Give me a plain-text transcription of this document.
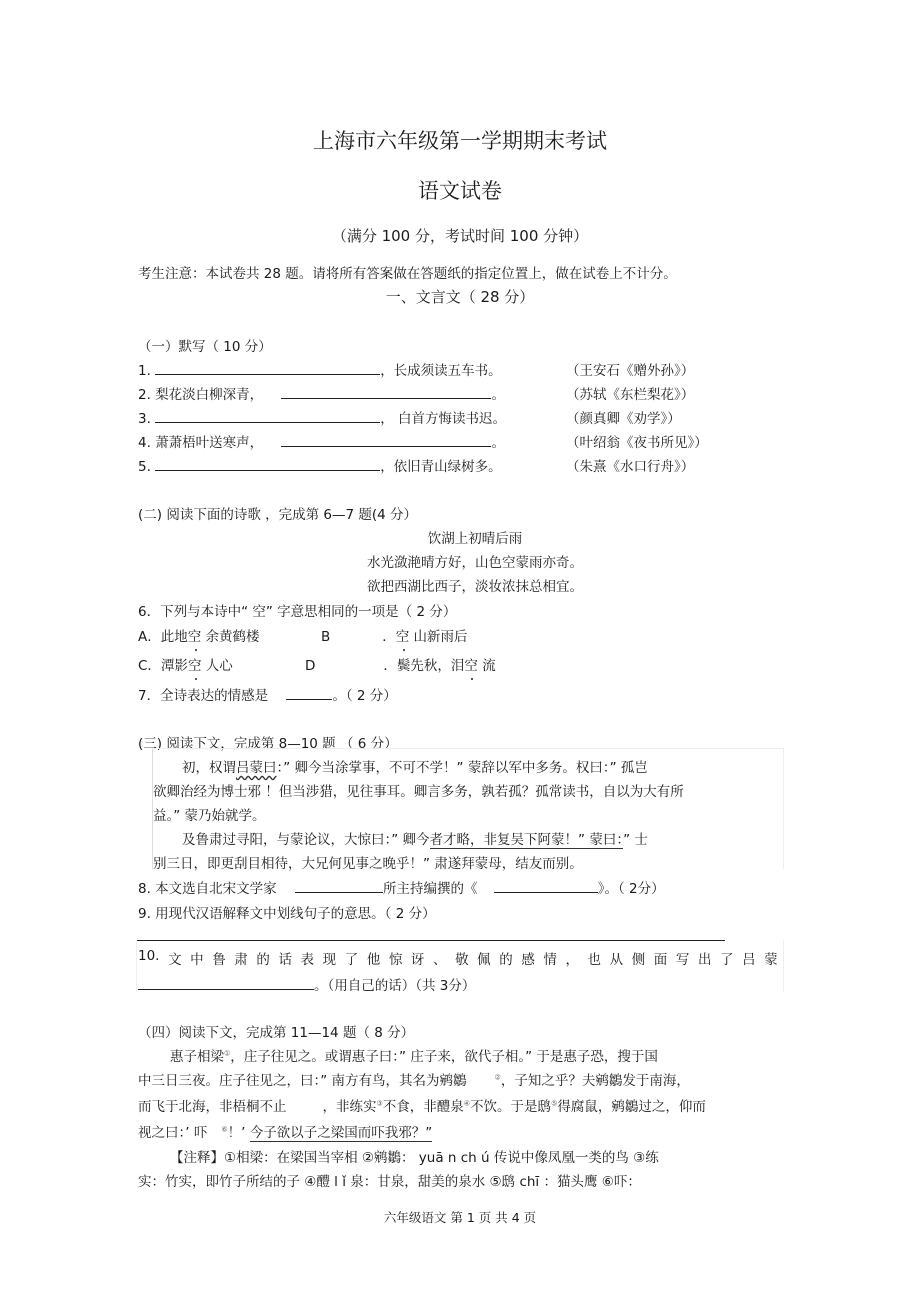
上海市六年级第一学期期末考试
语文试卷
（满分 100 分，考试时间 100 分钟）
考生注意：本试卷共 28 题。请将所有答案做在答题纸的指定位置上，做在试卷上不计分。
一、文言文（ 28 分）
（一）默写（ 10 分）
1.	，长成须读五车书。	（王安石《赠外孙》）
2. 梨花淡白柳深青，	。	（苏轼《东栏梨花》）
3.	， 白首方悔读书迟。	（颜真卿《劝学》）
4. 萧萧梧叶送寒声，	。	（叶绍翁《夜书所见》）
5.	，依旧青山绿树多。	（朱熹《水口行舟》）
(二) 阅读下面的诗歌 ，完成第 6—7 题(4 分）
饮湖上初晴后雨
水光潋滟晴方好，山色空蒙雨亦奇。
欲把西湖比西子，淡妆浓抹总相宜。
6．下列与本诗中“ 空” 字意思相同的一项是（ 2 分）
A．此地空 余黄鹤楼	B	．空 山新雨后
C．潭影空 人心	D	．鬓先秋，泪空 流
7．全诗表达的情感是	。（ 2 分）
(三) 阅读下文，完成第 8—10 题 （ 6 分）
初，权谓吕蒙曰：” 卿今当涂掌事，不可不学！” 蒙辞以军中多务。权曰：” 孤岂
欲卿治经为博士邪 ！但当涉猎，见往事耳。卿言多务，孰若孤？孤常读书，自以为大有所
益。” 蒙乃始就学。
及鲁肃过寻阳，与蒙论议，大惊曰：” 卿今者才略，非复吴下阿蒙！” 蒙曰：” 士
别三日，即更刮目相待，大兄何见事之晚乎！” 肃遂拜蒙母，结友而别。
8. 本文选自北宋文学家	所主持编撰的《	》。（ 2分）
9. 用现代汉语解释文中划线句子的意思。（ 2 分）
10. 文 中 鲁 肃 的 话 表 现 了 他 惊 讶 、 敬 佩 的 感 情 ， 也 从 侧 面 写 出 了 吕 蒙
。（用自己的话）（共 3分）
（四）阅读下文，完成第 11—14 题（ 8 分）
惠子相梁①，庄子往见之。或谓惠子曰：” 庄子来，欲代子相。” 于是惠子恐，搜于国
中三日三夜。庄子往见之，曰：” 南方有鸟，其名为鹓鶵	②，子知之乎？夫鹓鶵发于南海，
而飞于北海，非梧桐不止	，非练实③不食，非醴泉④不饮。于是鸱⑤得腐鼠，鹓鶵过之，仰而
视之曰：’ 吓 ⑥！’ 今子欲以子之梁国而吓我邪？”
【注释】①相梁：在梁国当宰相 ②鹓鶵： yuā n ch ú 传说中像凤凰一类的鸟 ③练
实：竹实，即竹子所结的子 ④醴 l ǐ 泉：甘泉，甜美的泉水 ⑤鸱 chī ：猫头鹰 ⑥吓：
六年级语文 第 1 页 共 4 页
